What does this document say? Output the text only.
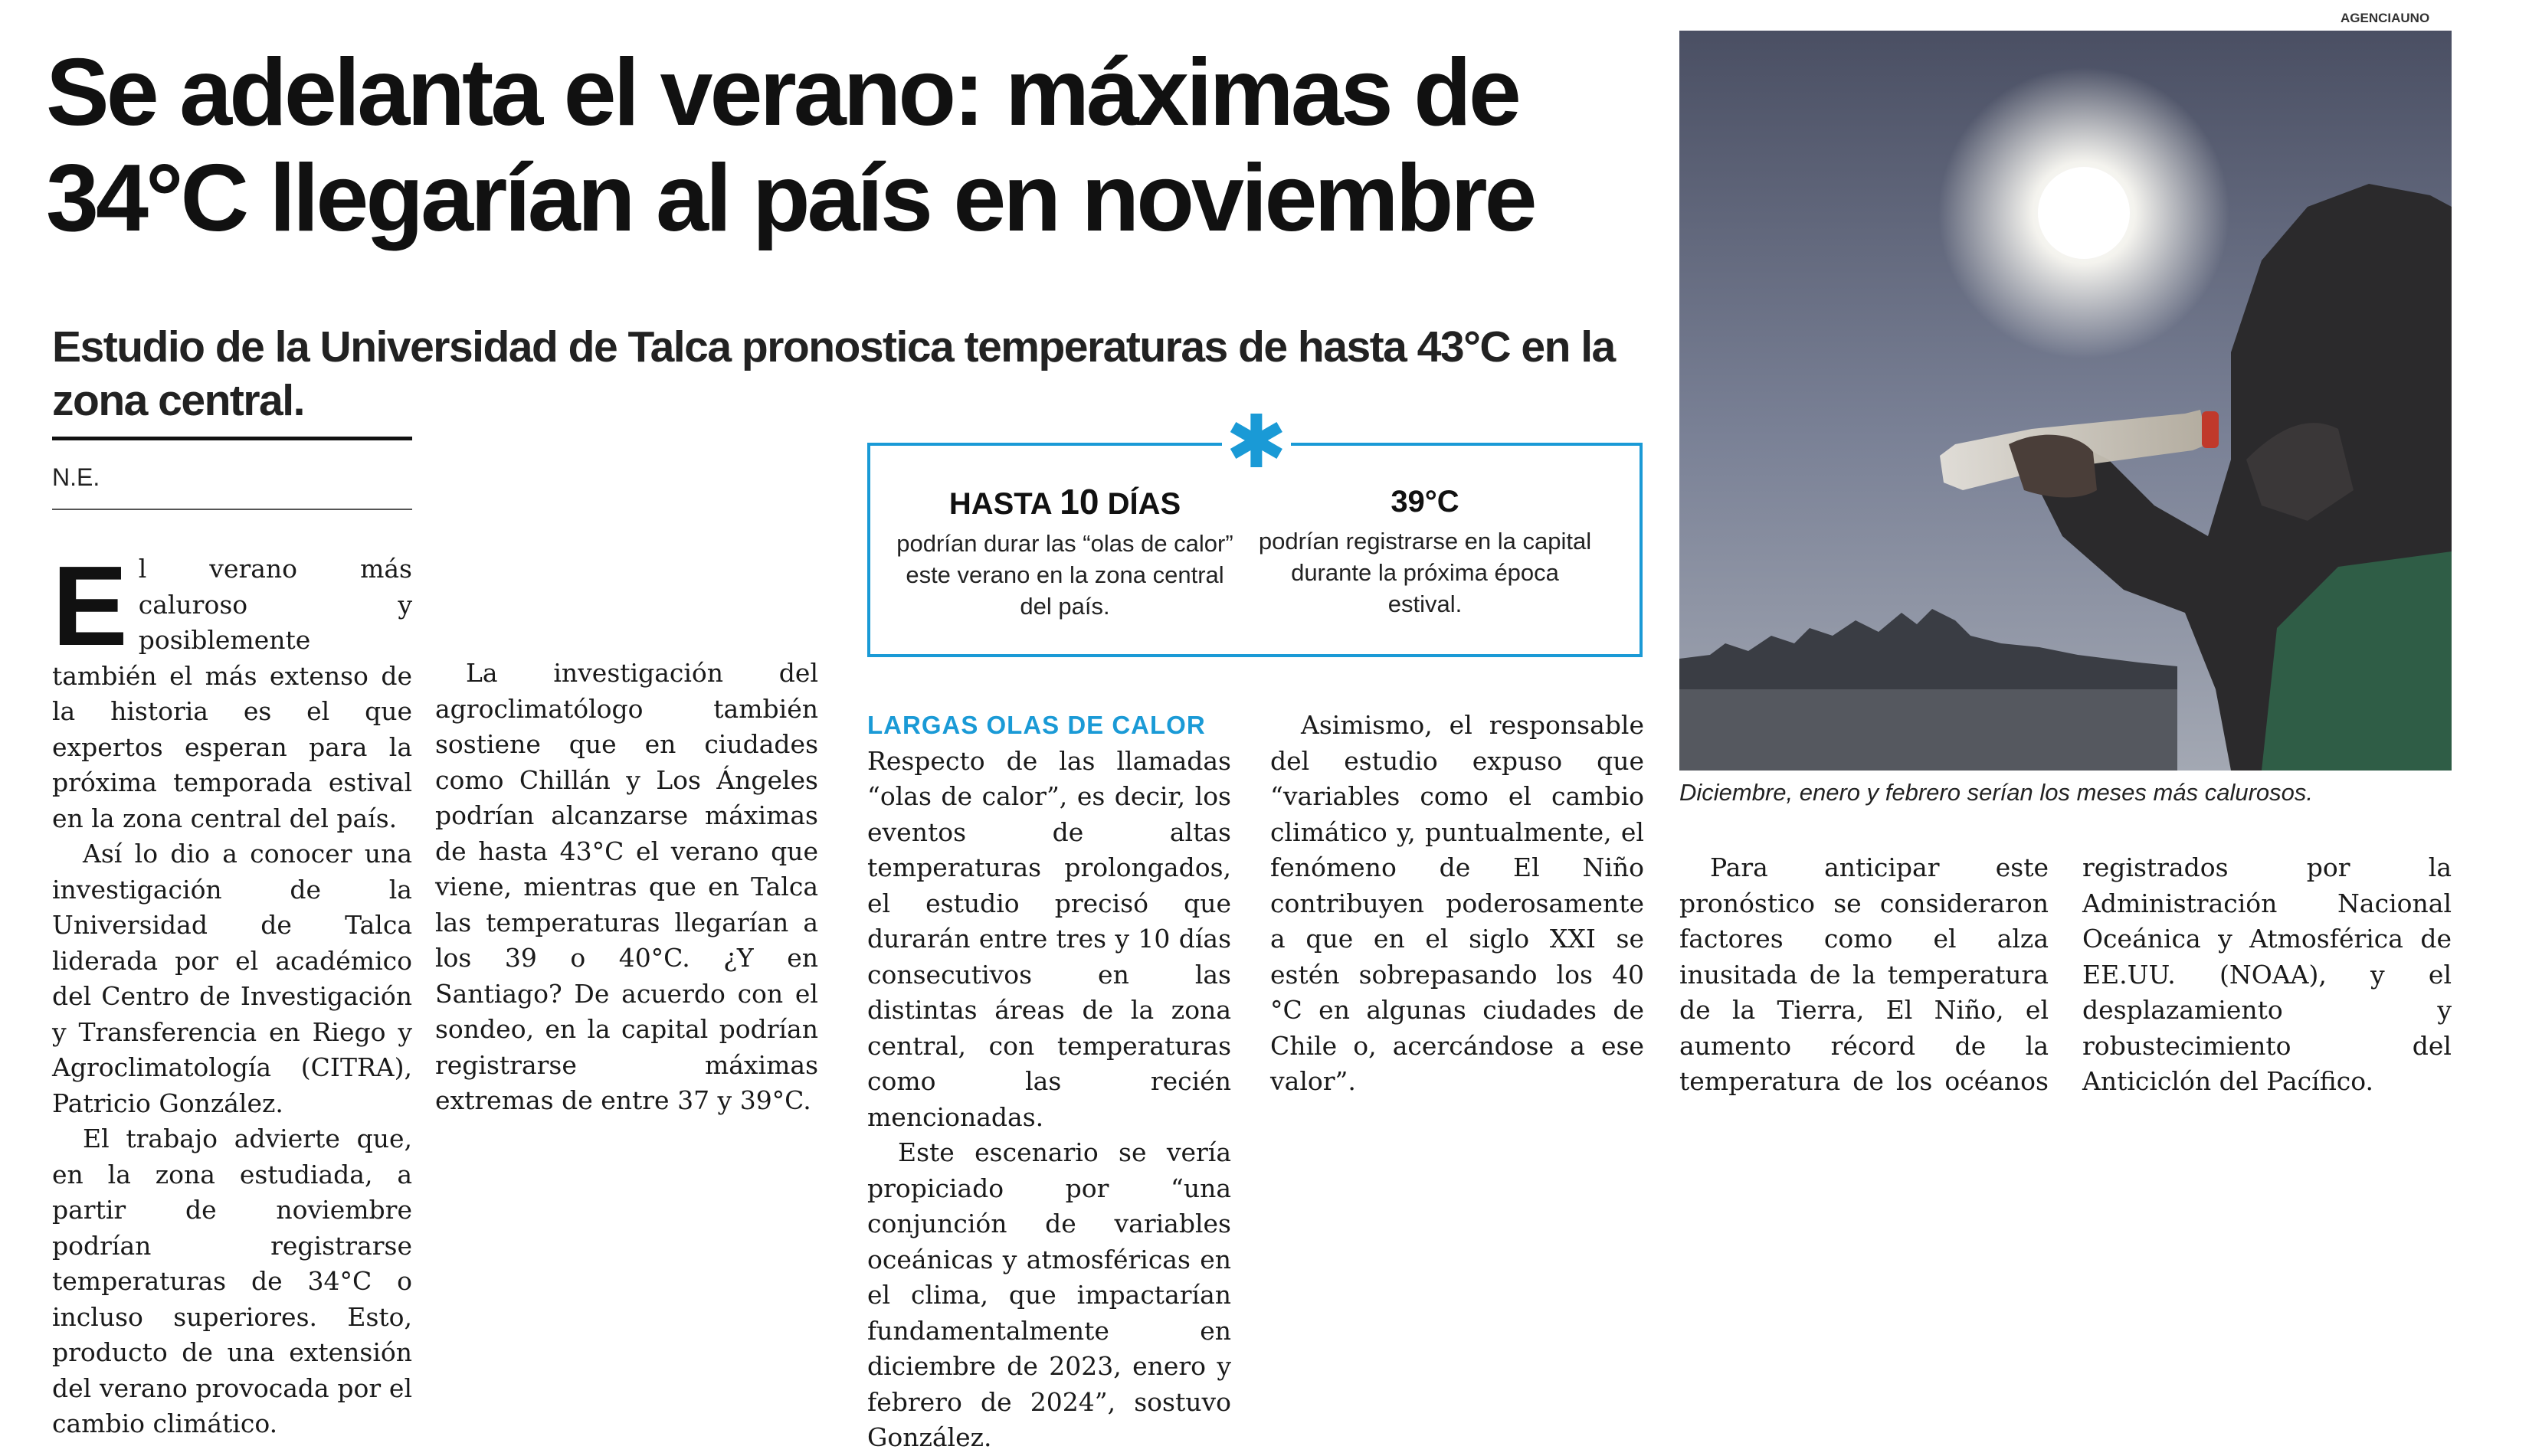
Se adelanta el verano: máximas de 34°C llegarían al país en noviembre
Estudio de la Universidad de Talca pronostica temperaturas de hasta 43°C en la zona central.
N.E.

E l verano más caluroso y posiblemente también el más extenso de la historia es el que expertos esperan para la próxima temporada estival en la zona central del país.

Así lo dio a conocer una investigación de la Universidad de Talca liderada por el académico del Centro de Investigación y Transferencia en Riego y Agroclimatología (CITRA), Patricio González.

El trabajo advierte que, en la zona estudiada, a partir de noviembre podrían registrarse temperaturas de 34°C o incluso superiores. Esto, producto de una extensión del verano provocada por el cambio climático.

La investigación del agroclimatólogo también sostiene que en ciudades como Chillán y Los Ángeles podrían alcanzarse máximas de hasta 43°C el verano que viene, mientras que en Talca las temperaturas llegarían a los 39 o 40°C. ¿Y en Santiago? De acuerdo con el sondeo, en la capital podrían registrarse máximas extremas de entre 37 y 39°C.

✱
HASTA 10 DÍAS
podrían durar las “olas de calor” este verano en la zona central del país.
39°C
podrían registrarse en la capital durante la próxima época estival.

LARGAS OLAS DE CALOR

Respecto de las llamadas “olas de calor”, es decir, los eventos de altas temperaturas prolongados, el estudio precisó que durarán entre tres y 10 días consecutivos en las distintas áreas de la zona central, con temperaturas como las recién mencionadas.

Este escenario se vería propiciado por “una conjunción de variables oceánicas y atmosféricas en el clima, que impactarían fundamentalmente en diciembre de 2023, enero y febrero de 2024”, sostuvo González.

Asimismo, el responsable del estudio expuso que “variables como el cambio climático y, puntualmente, el fenómeno de El Niño contribuyen poderosamente a que en el siglo XXI se estén sobrepasando los 40 °C en algunas ciudades de Chile o, acercándose a ese valor”.

Para anticipar este pronóstico se consideraron factores como el alza inusitada de la temperatura de la Tierra, El Niño, el aumento récord de la temperatura de los océanos registrados por la Administración Nacional Oceánica y Atmosférica de EE.UU. (NOAA), y el desplazamiento y robustecimiento del Anticiclón del Pacífico.

AGENCIAUNO
Diciembre, enero y febrero serían los meses más calurosos.
